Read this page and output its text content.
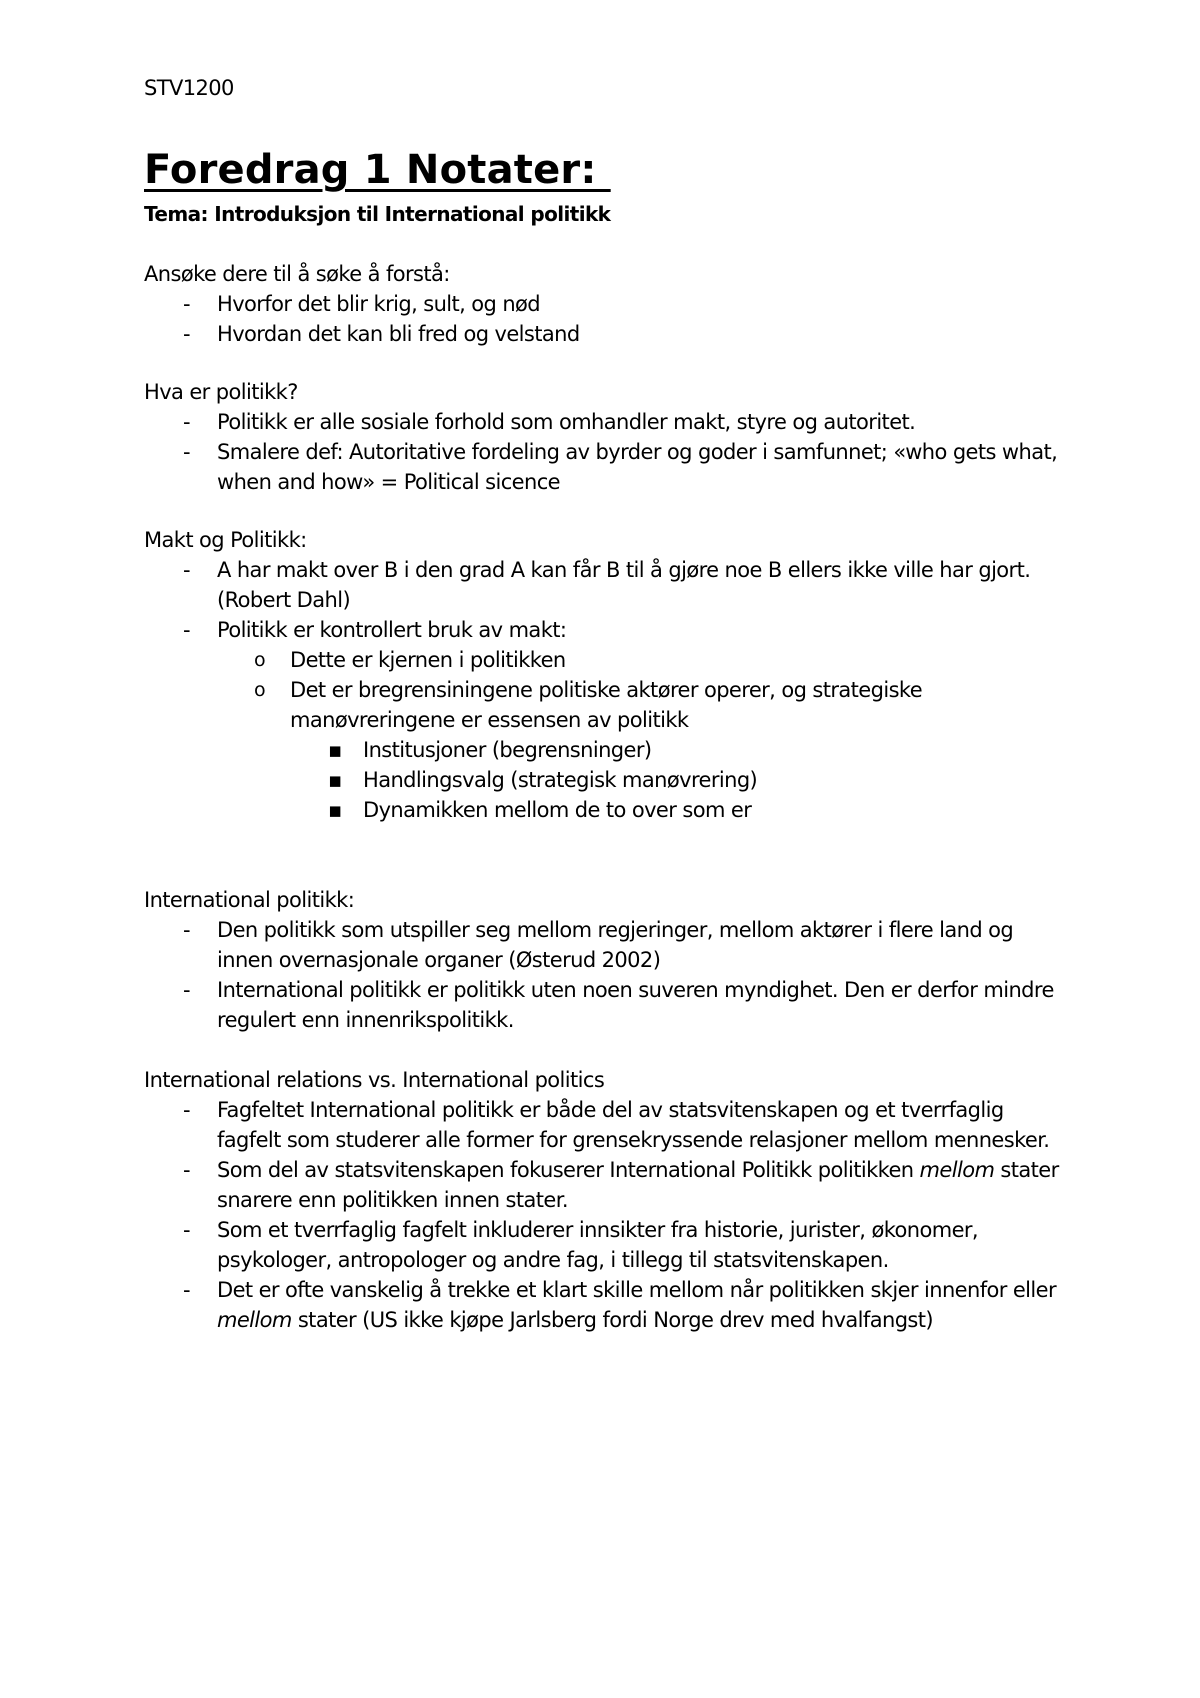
STV1200
Foredrag 1 Notater:
Tema: Introduksjon til International politikk
Ansøke dere til å søke å forstå:
- Hvorfor det blir krig, sult, og nød
- Hvordan det kan bli fred og velstand
Hva er politikk?
- Politikk er alle sosiale forhold som omhandler makt, styre og autoritet.
- Smalere def: Autoritative fordeling av byrder og goder i samfunnet; «who gets what, when and how» = Political sicence
Makt og Politikk:
- A har makt over B i den grad A kan får B til å gjøre noe B ellers ikke ville har gjort. (Robert Dahl)
- Politikk er kontrollert bruk av makt:
o Dette er kjernen i politikken
o Det er bregrensiningene politiske aktører operer, og strategiske manøvreringene er essensen av politikk
▪ Institusjoner (begrensninger)
▪ Handlingsvalg (strategisk manøvrering)
▪ Dynamikken mellom de to over som er
International politikk:
- Den politikk som utspiller seg mellom regjeringer, mellom aktører i flere land og innen overnasjonale organer (Østerud 2002)
- International politikk er politikk uten noen suveren myndighet. Den er derfor mindre regulert enn innenrikspolitikk.
International relations vs. International politics
- Fagfeltet International politikk er både del av statsvitenskapen og et tverrfaglig fagfelt som studerer alle former for grensekryssende relasjoner mellom mennesker.
- Som del av statsvitenskapen fokuserer International Politikk politikken mellom stater snarere enn politikken innen stater.
- Som et tverrfaglig fagfelt inkluderer innsikter fra historie, jurister, økonomer, psykologer, antropologer og andre fag, i tillegg til statsvitenskapen.
- Det er ofte vanskelig å trekke et klart skille mellom når politikken skjer innenfor eller mellom stater (US ikke kjøpe Jarlsberg fordi Norge drev med hvalfangst)
